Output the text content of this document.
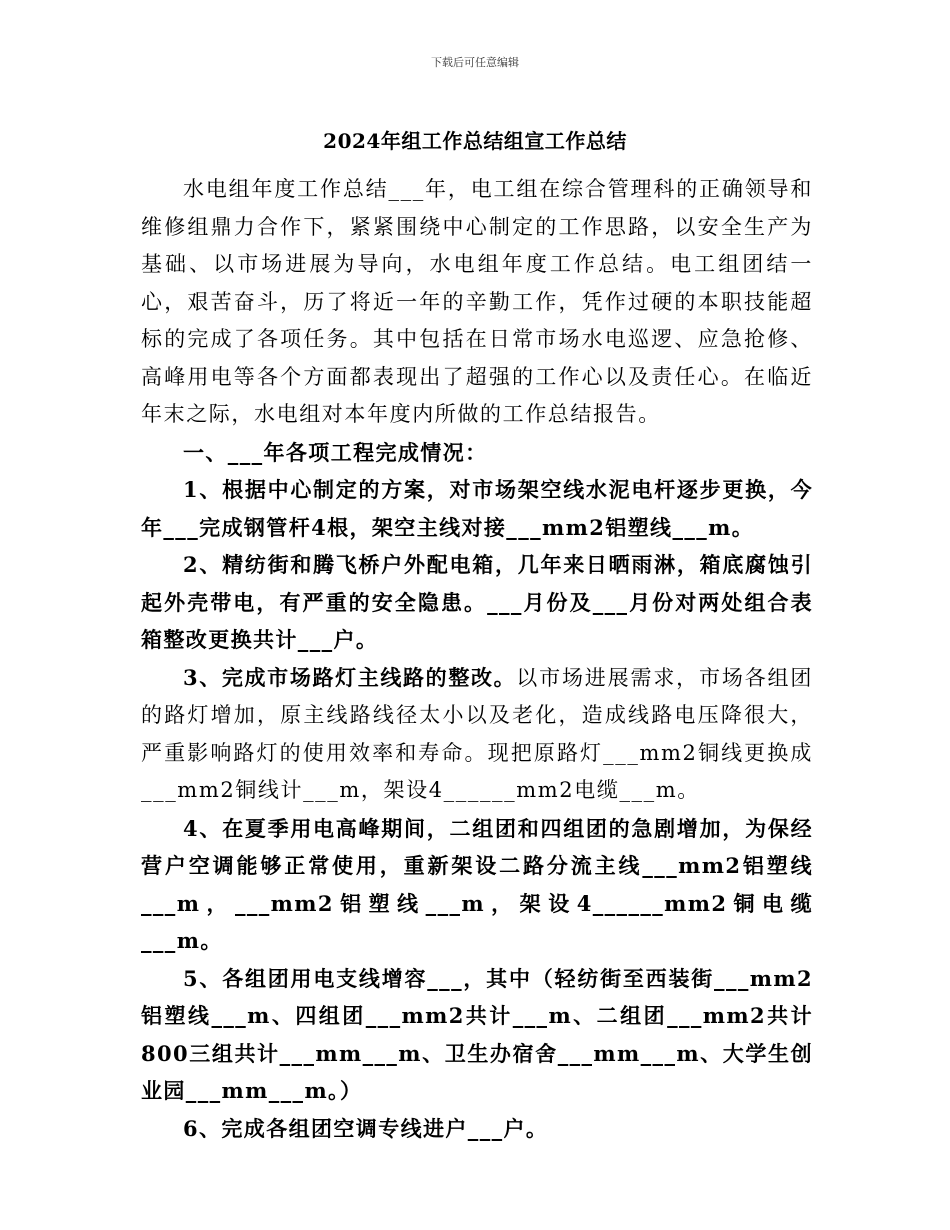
下载后可任意编辑
2024年组工作总结组宣工作总结

水电组年度工作总结___年，电工组在综合管理科的正确领导和维修组鼎力合作下，紧紧围绕中心制定的工作思路，以安全生产为基础、以市场进展为导向，水电组年度工作总结。电工组团结一心，艰苦奋斗，历了将近一年的辛勤工作，凭作过硬的本职技能超标的完成了各项任务。其中包括在日常市场水电巡逻、应急抢修、高峰用电等各个方面都表现出了超强的工作心以及责任心。在临近年末之际，水电组对本年度内所做的工作总结报告。

一、___年各项工程完成情况：

1、根据中心制定的方案，对市场架空线水泥电杆逐步更换，今年___完成钢管杆4根，架空主线对接___mm2铝塑线___m。

2、精纺街和腾飞桥户外配电箱，几年来日晒雨淋，箱底腐蚀引起外壳带电，有严重的安全隐患。___月份及___月份对两处组合表箱整改更换共计___户。

3、完成市场路灯主线路的整改。以市场进展需求，市场各组团的路灯增加，原主线路线径太小以及老化，造成线路电压降很大，严重影响路灯的使用效率和寿命。现把原路灯___mm2铜线更换成___mm2铜线计___m，架设4______mm2电缆___m。

4、在夏季用电高峰期间，二组团和四组团的急剧增加，为保经营户空调能够正常使用，重新架设二路分流主线___mm2铝塑线___m，___mm2铝塑线___m，架设4______mm2铜电缆___m。

5、各组团用电支线增容___，其中（轻纺街至西装街___mm2铝塑线___m、四组团___mm2共计___m、二组团___mm2共计800三组共计___mm___m、卫生办宿舍___mm___m、大学生创业园___mm___m。）

6、完成各组团空调专线进户___户。
